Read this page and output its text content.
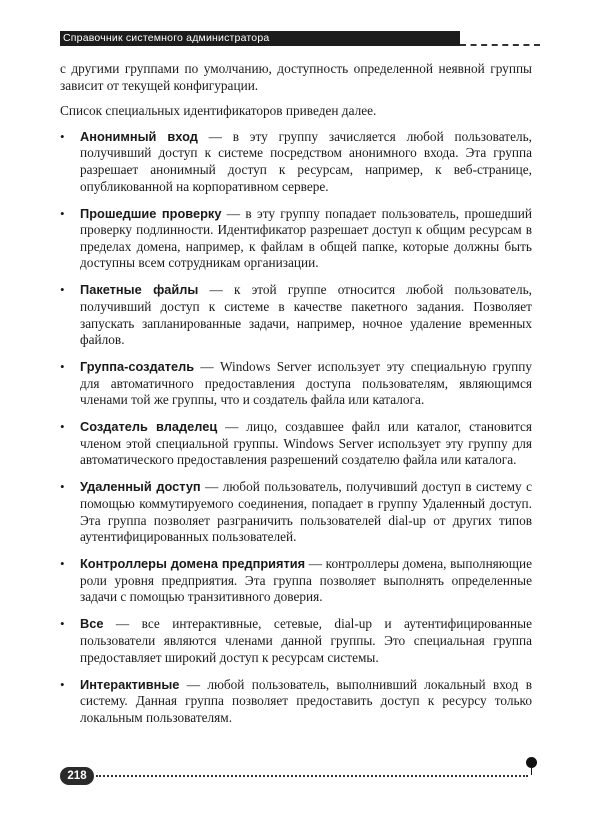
Справочник системного администратора

с другими группами по умолчанию, доступность определенной неявной группы зависит от текущей конфигурации.

Список специальных идентификаторов приведен далее.

• Анонимный вход — в эту группу зачисляется любой пользователь, получивший доступ к системе посредством анонимного входа. Эта группа разрешает анонимный доступ к ресурсам, например, к веб-странице, опубликованной на корпоративном сервере.
• Прошедшие проверку — в эту группу попадает пользователь, прошедший проверку подлинности. Идентификатор разрешает доступ к общим ресурсам в пределах домена, например, к файлам в общей папке, которые должны быть доступны всем сотрудникам организации.
• Пакетные файлы — к этой группе относится любой пользователь, получивший доступ к системе в качестве пакетного задания. Позволяет запускать запланированные задачи, например, ночное удаление временных файлов.
• Группа-создатель — Windows Server использует эту специальную группу для автоматичного предоставления доступа пользователям, являющимся членами той же группы, что и создатель файла или каталога.
• Создатель владелец — лицо, создавшее файл или каталог, становится членом этой специальной группы. Windows Server использует эту группу для автоматического предоставления разрешений создателю файла или каталога.
• Удаленный доступ — любой пользователь, получивший доступ в систему с помощью коммутируемого соединения, попадает в группу Удаленный доступ. Эта группа позволяет разграничить пользователей dial-up от других типов аутентифицированных пользователей.
• Контроллеры домена предприятия — контроллеры домена, выполняющие роли уровня предприятия. Эта группа позволяет выполнять определенные задачи с помощью транзитивного доверия.
• Все — все интерактивные, сетевые, dial-up и аутентифицированные пользователи являются членами данной группы. Это специальная группа предоставляет широкий доступ к ресурсам системы.
• Интерактивные — любой пользователь, выполнивший локальный вход в систему. Данная группа позволяет предоставить доступ к ресурсу только локальным пользователям.
218
